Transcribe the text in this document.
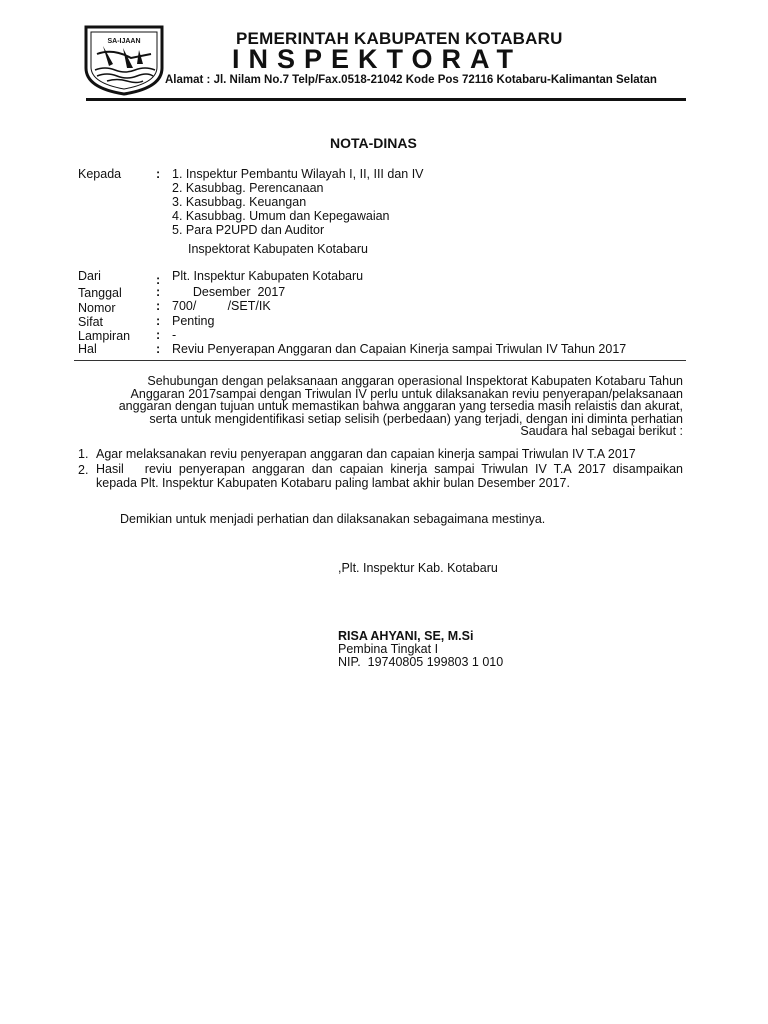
SA-IJAAN	PEMERINTAH KABUPATEN KOTABARU
INSPEKTORAT
Alamat : Jl. Nilam No.7 Telp/Fax.0518-21042 Kode Pos 72116 Kotabaru-Kalimantan Selatan
NOTA-DINAS
Kepada	: 1. Inspektur Pembantu Wilayah I, II, III dan IV
2. Kasubbag. Perencanaan
3. Kasubbag. Keuangan
4. Kasubbag. Umum dan Kepegawaian
5. Para P2UPD dan Auditor
Inspektorat Kabupaten Kotabaru
Dari	: Plt. Inspektur Kabupaten Kotabaru
Tanggal	: Desember  2017
Nomor	: 700/         /SET/IK
Sifat	: Penting
Lampiran : -
Hal	: Reviu Penyerapan Anggaran dan Capaian Kinerja sampai Triwulan IV Tahun 2017
Sehubungan dengan pelaksanaan anggaran operasional Inspektorat Kabupaten Kotabaru Tahun
Anggaran 2017sampai dengan Triwulan IV perlu untuk dilaksanakan reviu penyerapan/pelaksanaan
anggaran dengan tujuan untuk memastikan bahwa anggaran yang tersedia masih relaistis dan akurat,
serta untuk mengidentifikasi setiap selisih (perbedaan) yang terjadi, dengan ini diminta perhatian
Saudara hal sebagai berikut :
1. Agar melaksanakan reviu penyerapan anggaran dan capaian kinerja sampai Triwulan IV T.A 2017
2. Hasil   reviu penyerapan anggaran dan capaian kinerja sampai Triwulan IV T.A 2017 disampaikan
kepada Plt. Inspektur Kabupaten Kotabaru paling lambat akhir bulan Desember 2017.
Demikian untuk menjadi perhatian dan dilaksanakan sebagaimana mestinya.
,Plt. Inspektur Kab. Kotabaru
RISA AHYANI, SE, M.Si
Pembina Tingkat I
NIP.  19740805 199803 1 010
